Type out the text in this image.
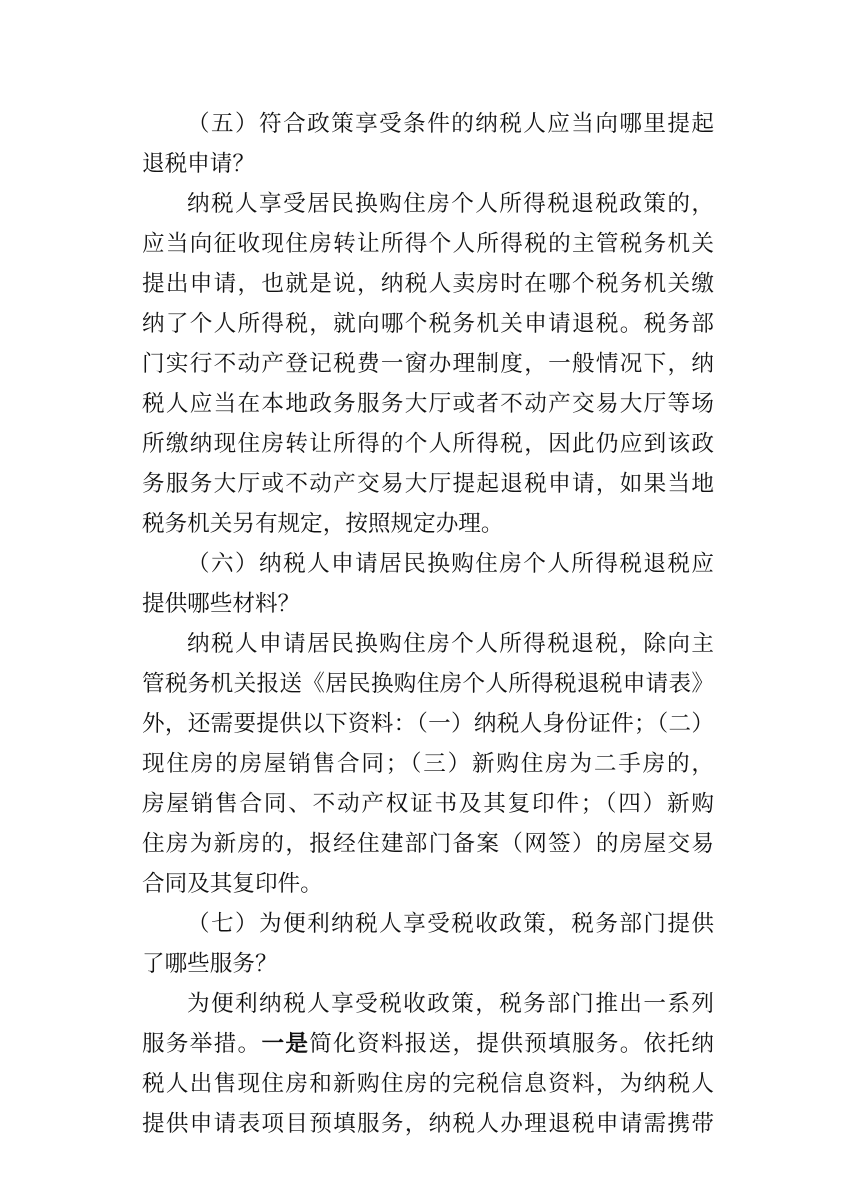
（五）符合政策享受条件的纳税人应当向哪里提起
退税申请？
纳税人享受居民换购住房个人所得税退税政策的，
应当向征收现住房转让所得个人所得税的主管税务机关
提出申请，也就是说，纳税人卖房时在哪个税务机关缴
纳了个人所得税，就向哪个税务机关申请退税。税务部
门实行不动产登记税费一窗办理制度，一般情况下，纳
税人应当在本地政务服务大厅或者不动产交易大厅等场
所缴纳现住房转让所得的个人所得税，因此仍应到该政
务服务大厅或不动产交易大厅提起退税申请，如果当地
税务机关另有规定，按照规定办理。
（六）纳税人申请居民换购住房个人所得税退税应
提供哪些材料？
纳税人申请居民换购住房个人所得税退税，除向主
管税务机关报送《居民换购住房个人所得税退税申请表》
外，还需要提供以下资料：（一）纳税人身份证件；（二）
现住房的房屋销售合同；（三）新购住房为二手房的，
房屋销售合同、不动产权证书及其复印件；（四）新购
住房为新房的，报经住建部门备案（网签）的房屋交易
合同及其复印件。
（七）为便利纳税人享受税收政策，税务部门提供
了哪些服务？
为便利纳税人享受税收政策，税务部门推出一系列
服务举措。一是简化资料报送，提供预填服务。依托纳
税人出售现住房和新购住房的完税信息资料，为纳税人
提供申请表项目预填服务，纳税人办理退税申请需携带
